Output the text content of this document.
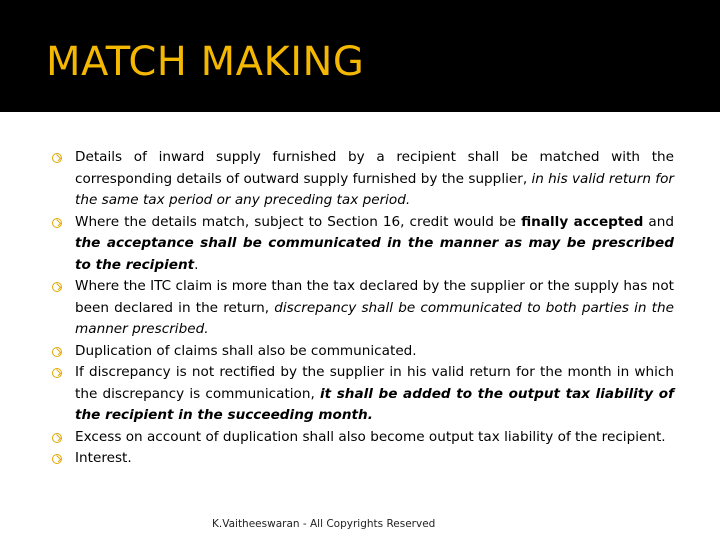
MATCH MAKING
Details of inward supply furnished by a recipient shall be matched with the corresponding details of outward supply furnished by the supplier, in his valid return for the same tax period or any preceding tax period.
Where the details match, subject to Section 16, credit would be finally accepted and the acceptance shall be communicated in the manner as may be prescribed to the recipient.
Where the ITC claim is more than the tax declared by the supplier or the supply has not been declared in the return, discrepancy shall be communicated to both parties in the manner prescribed.
Duplication of claims shall also be communicated.
If discrepancy is not rectified by the supplier in his valid return for the month in which the discrepancy is communication, it shall be added to the output tax liability of the recipient in the succeeding month.
Excess on account of duplication shall also become output tax liability of the recipient.
Interest.
K.Vaitheeswaran - All Copyrights Reserved
